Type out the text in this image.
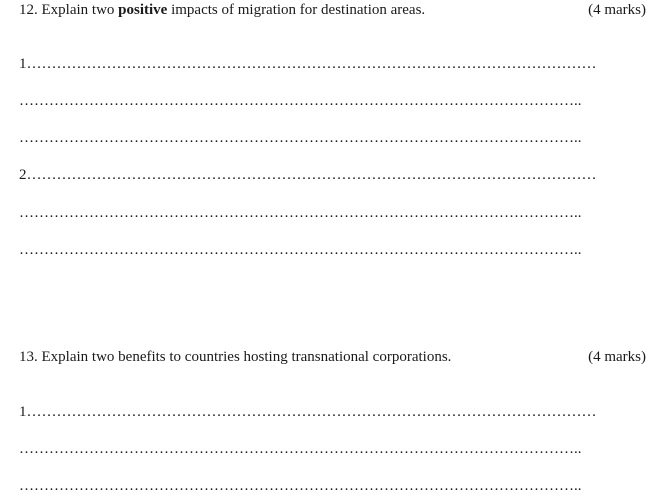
12. Explain two positive impacts of migration for destination areas.	(4 marks)
1……………………………………………………………………………………………………
…………………………………………………………………………………………………..
…………………………………………………………………………………………………..
2……………………………………………………………………………………………………
…………………………………………………………………………………………………..
…………………………………………………………………………………………………..
13. Explain two benefits to countries hosting transnational corporations.	(4 marks)
1……………………………………………………………………………………………………
…………………………………………………………………………………………………..
…………………………………………………………………………………………………..
